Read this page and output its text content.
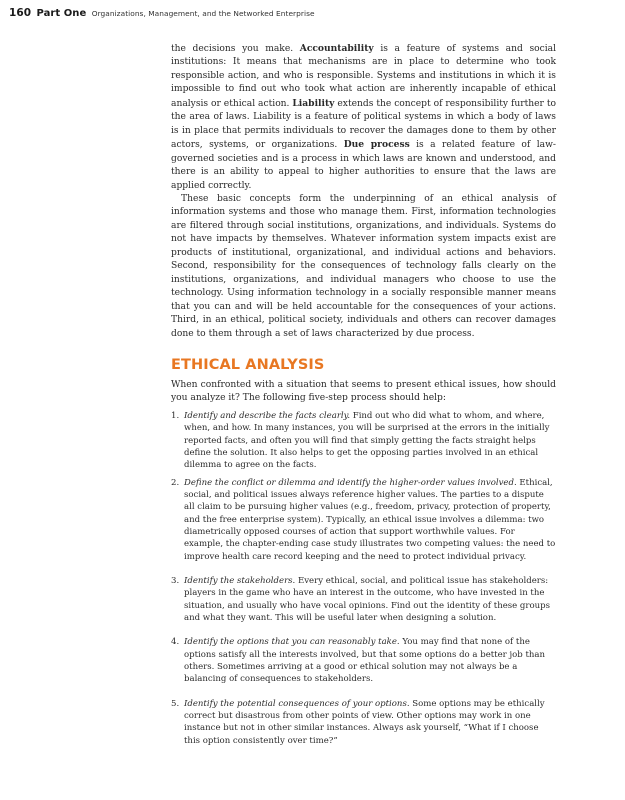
160 Part One Organizations, Management, and the Networked Enterprise

the decisions you make. Accountability is a feature of systems and social institutions: It means that mechanisms are in place to determine who took responsible action, and who is responsible. Systems and institutions in which it is impossible to find out who took what action are inherently incapable of ethical analysis or ethical action. Liability extends the concept of responsibility further to the area of laws. Liability is a feature of political systems in which a body of laws is in place that permits individuals to recover the damages done to them by other actors, systems, or organizations. Due process is a related feature of law-governed societies and is a process in which laws are known and understood, and there is an ability to appeal to higher authorities to ensure that the laws are applied correctly.

These basic concepts form the underpinning of an ethical analysis of information systems and those who manage them. First, information technologies are filtered through social institutions, organizations, and individuals. Systems do not have impacts by themselves. Whatever information system impacts exist are products of institutional, organizational, and individual actions and behaviors. Second, responsibility for the consequences of technology falls clearly on the institutions, organizations, and individual managers who choose to use the technology. Using information technology in a socially responsible manner means that you can and will be held accountable for the consequences of your actions. Third, in an ethical, political society, individuals and others can recover damages done to them through a set of laws characterized by due process.

ETHICAL ANALYSIS

When confronted with a situation that seems to present ethical issues, how should you analyze it? The following five-step process should help:

1. Identify and describe the facts clearly. Find out who did what to whom, and where, when, and how. In many instances, you will be surprised at the errors in the initially reported facts, and often you will find that simply getting the facts straight helps define the solution. It also helps to get the opposing parties involved in an ethical dilemma to agree on the facts.
2. Define the conflict or dilemma and identify the higher-order values involved. Ethical, social, and political issues always reference higher values. The parties to a dispute all claim to be pursuing higher values (e.g., freedom, privacy, protection of property, and the free enterprise system). Typically, an ethical issue involves a dilemma: two diametrically opposed courses of action that support worthwhile values. For example, the chapter-ending case study illustrates two competing values: the need to improve health care record keeping and the need to protect individual privacy.
3. Identify the stakeholders. Every ethical, social, and political issue has stakeholders: players in the game who have an interest in the outcome, who have invested in the situation, and usually who have vocal opinions. Find out the identity of these groups and what they want. This will be useful later when designing a solution.
4. Identify the options that you can reasonably take. You may find that none of the options satisfy all the interests involved, but that some options do a better job than others. Sometimes arriving at a good or ethical solution may not always be a balancing of consequences to stakeholders.
5. Identify the potential consequences of your options. Some options may be ethically correct but disastrous from other points of view. Other options may work in one instance but not in other similar instances. Always ask yourself, “What if I choose this option consistently over time?”
